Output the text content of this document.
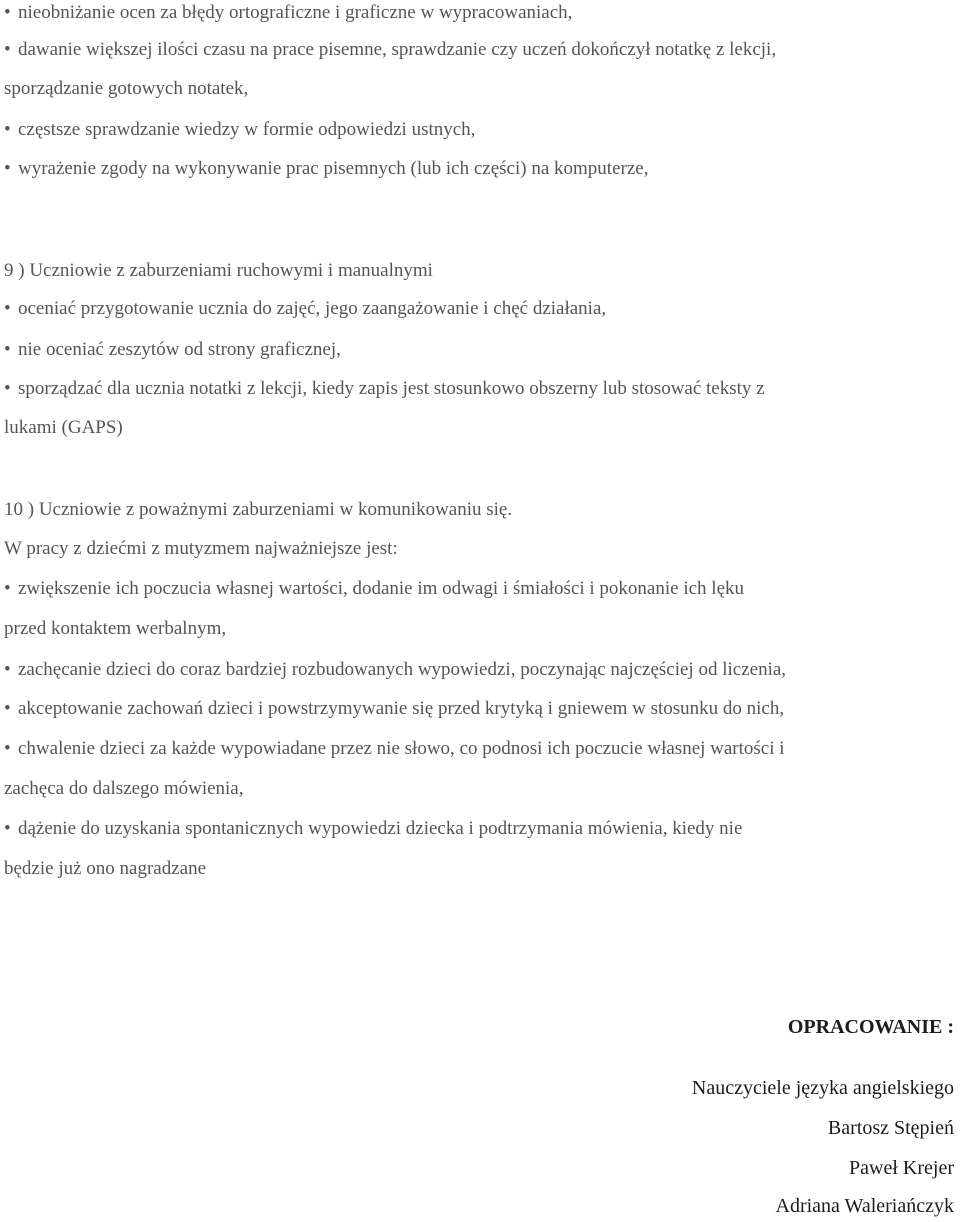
• nieobniżanie ocen za błędy ortograficzne i graficzne w wypracowaniach,
• dawanie większej ilości czasu na prace pisemne, sprawdzanie czy uczeń dokończył notatkę z lekcji,
sporządzanie gotowych notatek,
• częstsze sprawdzanie wiedzy w formie odpowiedzi ustnych,
• wyrażenie zgody na wykonywanie prac pisemnych (lub ich części) na komputerze,
9 ) Uczniowie z zaburzeniami ruchowymi i manualnymi
• oceniać przygotowanie ucznia do zajęć, jego zaangażowanie i chęć działania,
• nie oceniać zeszytów od strony graficznej,
• sporządzać dla ucznia notatki z lekcji, kiedy zapis jest stosunkowo obszerny lub stosować teksty z
lukami (GAPS)
10 ) Uczniowie z poważnymi zaburzeniami w komunikowaniu się.
W pracy z dziećmi z mutyzmem najważniejsze jest:
• zwiększenie ich poczucia własnej wartości, dodanie im odwagi i śmiałości i pokonanie ich lęku
przed kontaktem werbalnym,
• zachęcanie dzieci do coraz bardziej rozbudowanych wypowiedzi, poczynając najczęściej od liczenia,
• akceptowanie zachowań dzieci i powstrzymywanie się przed krytyką i gniewem w stosunku do nich,
• chwalenie dzieci za każde wypowiadane przez nie słowo, co podnosi ich poczucie własnej wartości i
zachęca do dalszego mówienia,
• dążenie do uzyskania spontanicznych wypowiedzi dziecka i podtrzymania mówienia, kiedy nie
będzie już ono nagradzane
OPRACOWANIE :
Nauczyciele języka angielskiego
Bartosz Stępień
Paweł Krejer
Adriana Waleriańczyk
